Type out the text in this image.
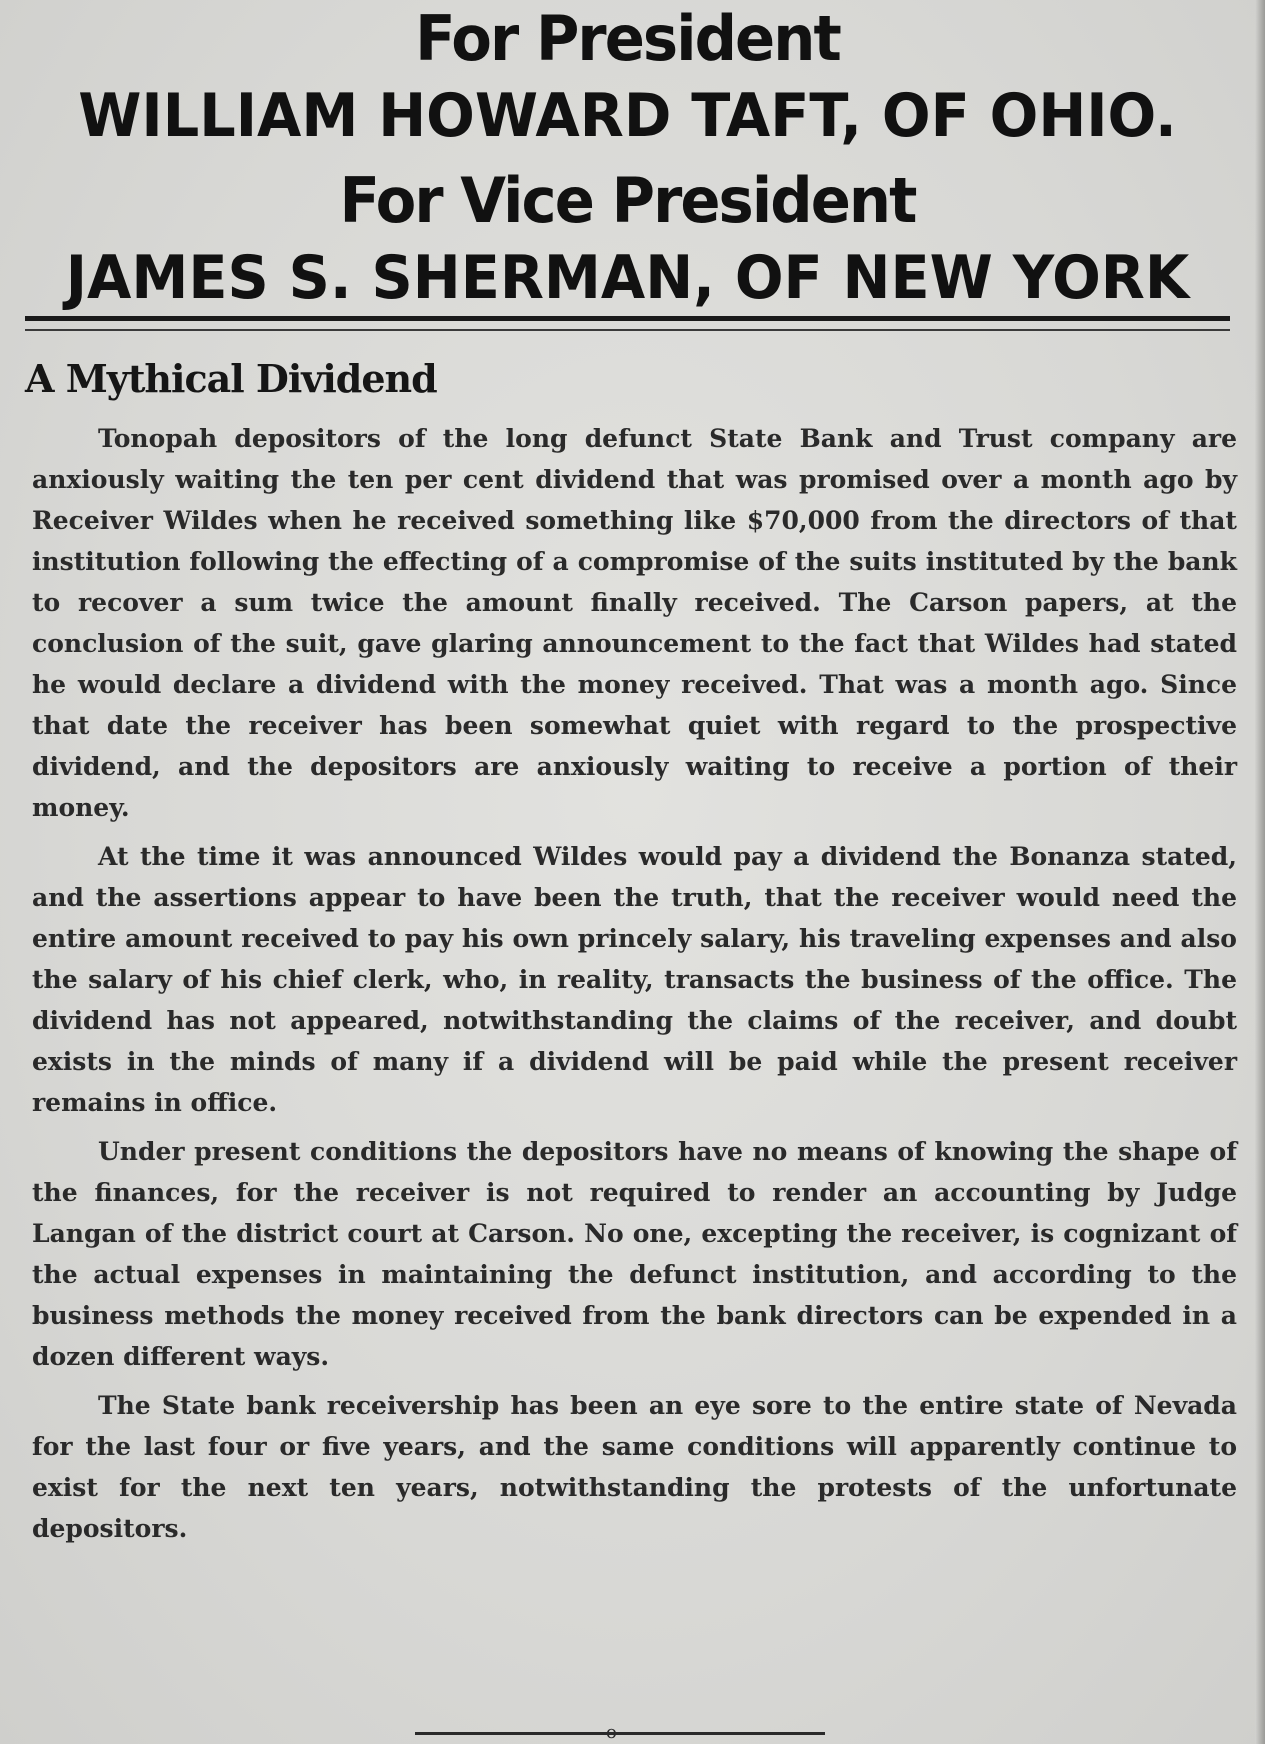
For President
WILLIAM HOWARD TAFT, OF OHIO.
For Vice President
JAMES S. SHERMAN, OF NEW YORK
A Mythical Dividend

Tonopah depositors of the long defunct State Bank and Trust company are anxiously waiting the ten per cent dividend that was promised over a month ago by Receiver Wildes when he received something like $70,000 from the directors of that institution following the effecting of a compromise of the suits instituted by the bank to recover a sum twice the amount finally received. The Carson papers, at the conclusion of the suit, gave glaring announcement to the fact that Wildes had stated he would declare a dividend with the money received. That was a month ago. Since that date the receiver has been somewhat quiet with regard to the prospective dividend, and the depositors are anxiously waiting to receive a portion of their money.

At the time it was announced Wildes would pay a dividend the Bonanza stated, and the assertions appear to have been the truth, that the receiver would need the entire amount received to pay his own princely salary, his traveling expenses and also the salary of his chief clerk, who, in reality, transacts the business of the office. The dividend has not appeared, notwithstanding the claims of the receiver, and doubt exists in the minds of many if a dividend will be paid while the present receiver remains in office.

Under present conditions the depositors have no means of knowing the shape of the finances, for the receiver is not required to render an accounting by Judge Langan of the district court at Carson. No one, excepting the receiver, is cognizant of the actual expenses in maintaining the defunct institution, and according to the business methods the money received from the bank directors can be expended in a dozen different ways.

The State bank receivership has been an eye sore to the entire state of Nevada for the last four or five years, and the same conditions will apparently continue to exist for the next ten years, notwithstanding the protests of the unfortunate depositors.

o
